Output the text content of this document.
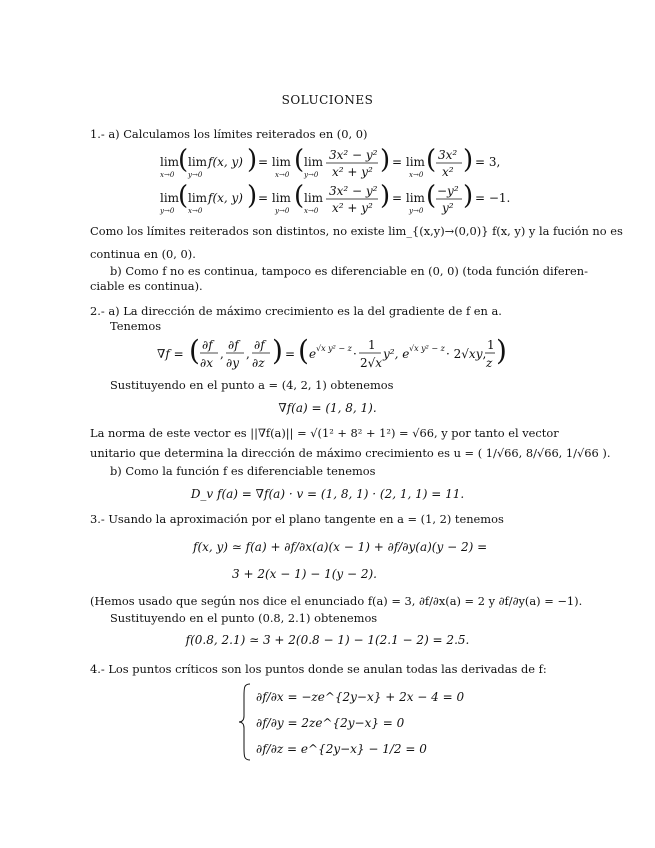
SOLUCIONES
1.- a) Calculamos los límites reiterados en (0, 0)
lim
x→0 ( lim
y→0
f(x, y) ) = lim
x→0 ( lim
y→0
3x² − y²
x² + y² ) = lim
x→0 ( 3x²
x² ) = 3,
lim
y→0 ( lim
x→0
f(x, y) ) = lim
y→0 ( lim
x→0
3x² − y²
x² + y² ) = lim
y→0 ( −y²
y² ) = −1.
Como los límites reiterados son distintos, no existe lim_{(x,y)→(0,0)} f(x, y) y la fución no es
continua en (0, 0).
b) Como f no es continua, tampoco es diferenciable en (0, 0) (toda función diferen-
ciable es continua).
2.- a) La dirección de máximo crecimiento es la del gradiente de f en a.
Tenemos
∇f = ( ∂f
∂x
,
∂f
∂y
,
∂f
∂z ) = ( e √x y² − z ·
1
2√x
y², e √x y² − z · 2√xy,
1
z )
Sustituyendo en el punto a = (4, 2, 1) obtenemos
∇f(a) = (1, 8, 1).
La norma de este vector es ||∇f(a)|| = √(1² + 8² + 1²) = √66, y por tanto el vector
unitario que determina la dirección de máximo crecimiento es u = ( 1/√66, 8/√66, 1/√66 ).
b) Como la función f es diferenciable tenemos
D_v f(a) = ∇f(a) · v = (1, 8, 1) · (2, 1, 1) = 11.
3.- Usando la aproximación por el plano tangente en a = (1, 2) tenemos
f(x, y) ≃ f(a) + ∂f/∂x(a)(x − 1) + ∂f/∂y(a)(y − 2) =
3 + 2(x − 1) − 1(y − 2).
(Hemos usado que según nos dice el enunciado f(a) = 3, ∂f/∂x(a) = 2 y ∂f/∂y(a) = −1).
Sustituyendo en el punto (0.8, 2.1) obtenemos
f(0.8, 2.1) ≃ 3 + 2(0.8 − 1) − 1(2.1 − 2) = 2.5.
4.- Los puntos críticos son los puntos donde se anulan todas las derivadas de f:
∂f/∂x = −ze^{2y−x} + 2x − 4 = 0
∂f/∂y = 2ze^{2y−x} = 0
∂f/∂z = e^{2y−x} − 1/2 = 0
